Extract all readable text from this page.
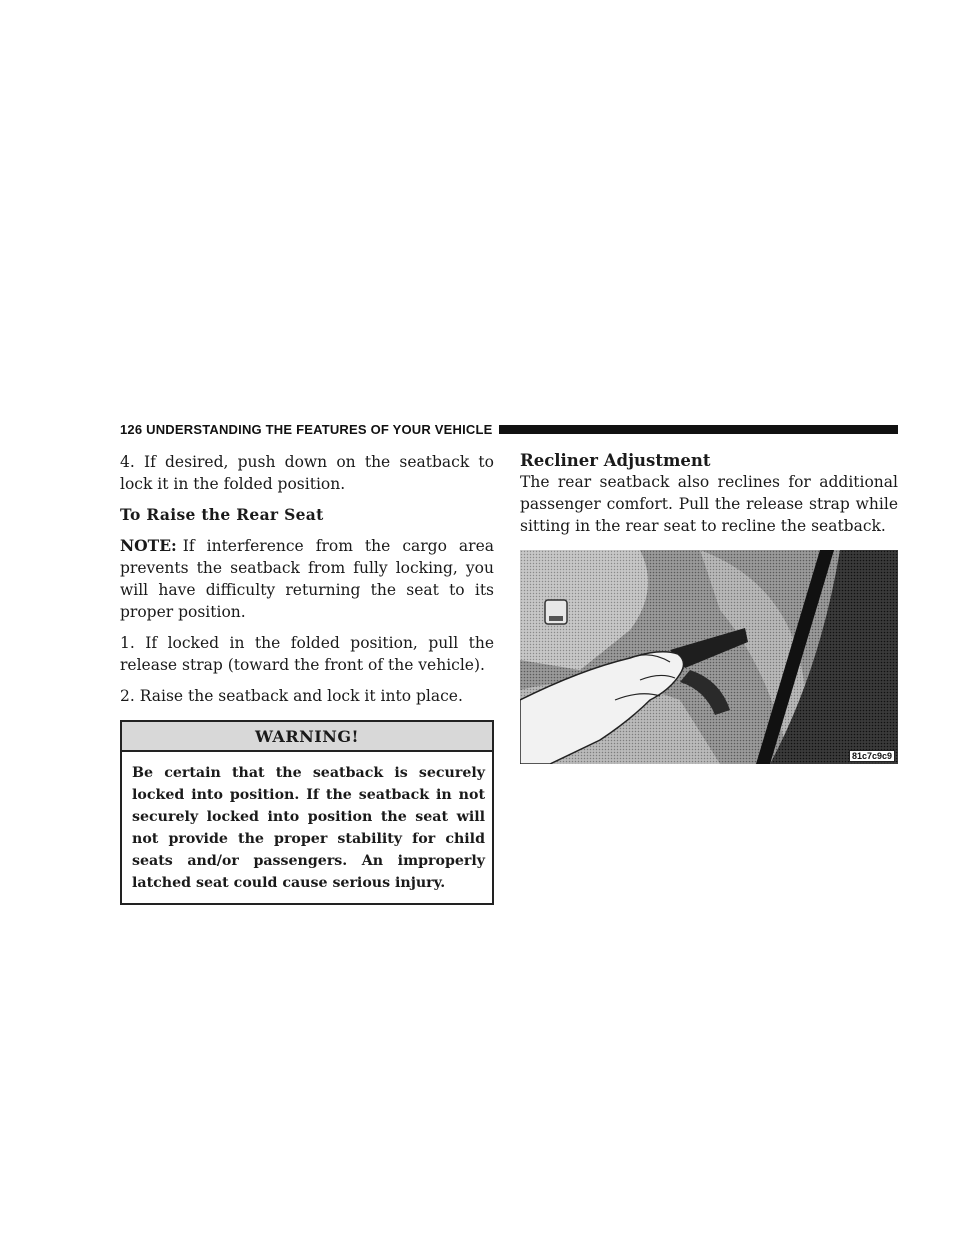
126 UNDERSTANDING THE FEATURES OF YOUR VEHICLE

4. If desired, push down on the seatback to lock it in the folded position.

To Raise the Rear Seat

NOTE: If interference from the cargo area prevents the seatback from fully locking, you will have difficulty returning the seat to its proper position.

1. If locked in the folded position, pull the release strap (toward the front of the vehicle).

2. Raise the seatback and lock it into place.

WARNING!
Be certain that the seatback is securely locked into position. If the seatback in not securely locked into position the seat will not provide the proper stability for child seats and/or passengers. An improperly latched seat could cause serious injury.
Recliner Adjustment

The rear seatback also reclines for additional passenger comfort. Pull the release strap while sitting in the rear seat to recline the seatback.

81c7c9c9
